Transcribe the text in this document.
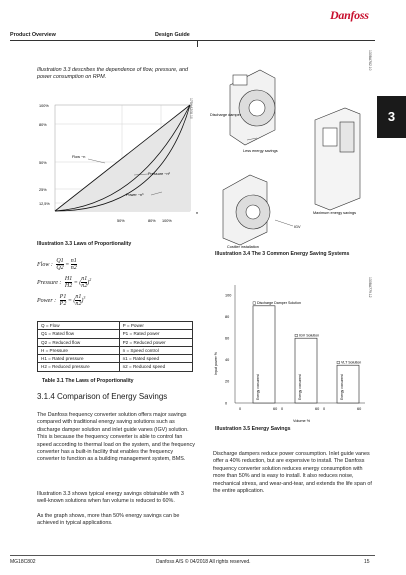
Product Overview	Design Guide
Danfoss
3
Illustration 3.3 describes the dependence of flow, pressure, and power consumption on RPM.
100%
80%
50%
25%
12,5%
50%	80% 100%
n
Flow ~n
Pressure ~n²
Power ~n³
175HA208.10
Illustration 3.3 Laws of Proportionality
Flow : $\frac{Q1}{Q2} = \frac{n1}{n2}$
Pressure : $\frac{H1}{H2}$ = ( $\frac{n1}{n2} )^2$
Power : $\frac{P1}{P2}$ = ( $\frac{n1}{n2} )^3$
Q = Flow	P = Power
Q1 = Rated flow	P1 = Rated power
Q2 = Reduced flow	P2 = Reduced power
H = Pressure	n = Speed control
H1 = Rated pressure	n1 = Rated speed
H2 = Reduced pressure	n2 = Reduced speed
Table 3.1 The Laws of Proportionality
3.1.4 Comparison of Energy Savings
The Danfoss frequency converter solution offers major savings compared with traditional energy saving solutions such as discharge damper solution and inlet guide vanes (IGV) solution. This is because the frequency converter is able to control fan speed according to thermal load on the system, and the frequency converter has a built-in facility that enables the frequency converter to function as a building management system, BMS.
Illustration 3.3 shows typical energy savings obtainable with 3 well-known solutions when fan volume is reduced to 60%.
As the graph shows, more than 50% energy savings can be achieved in typical applications.
Discharge damper
Less energy savings
Maximum energy savings
IGV
Costlier installation
130BA782.10
Illustration 3.4 The 3 Common Energy Saving Systems
Input power %
0
20
40
60
80
100
Energy consumed
Discharge Damper Solution
Energy consumed
IGV Solution
Energy consumed
VLT Solution
0	60 0	60 0	60
Volume %
130BA779.12
Illustration 3.5 Energy Savings
Discharge dampers reduce power consumption. Inlet guide vanes offer a 40% reduction, but are expensive to install. The Danfoss frequency converter solution reduces energy consumption with more than 50% and is easy to install. It also reduces noise, mechanical stress, and wear-and-tear, and extends the life span of the entire application.
MG18C802	Danfoss A/S © 04/2018 All rights reserved.	15
